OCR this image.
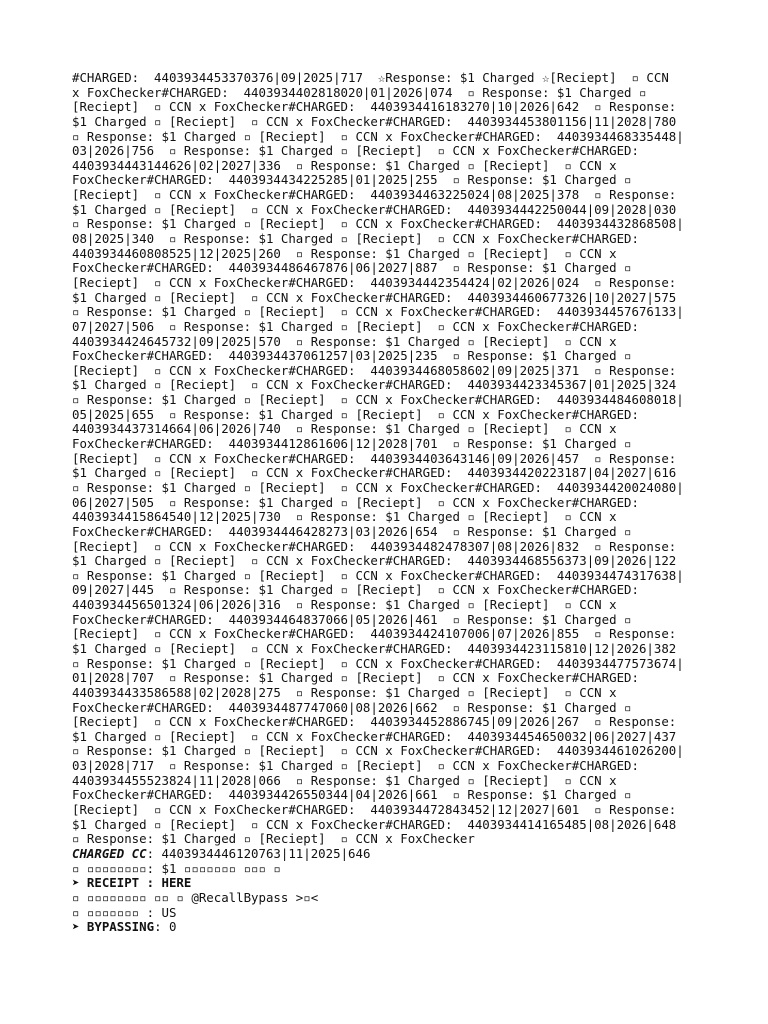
#CHARGED:  4403934453370376|09|2025|717  ☆Response: $1 Charged ☆[Reciept]  ▫ CCN
x FoxChecker#CHARGED:  4403934402818020|01|2026|074  ▫ Response: $1 Charged ▫
[Reciept]  ▫ CCN x FoxChecker#CHARGED:  4403934416183270|10|2026|642  ▫ Response:
$1 Charged ▫ [Reciept]  ▫ CCN x FoxChecker#CHARGED:  4403934453801156|11|2028|780
▫ Response: $1 Charged ▫ [Reciept]  ▫ CCN x FoxChecker#CHARGED:  4403934468335448|
03|2026|756  ▫ Response: $1 Charged ▫ [Reciept]  ▫ CCN x FoxChecker#CHARGED:
4403934443144626|02|2027|336  ▫ Response: $1 Charged ▫ [Reciept]  ▫ CCN x
FoxChecker#CHARGED:  4403934434225285|01|2025|255  ▫ Response: $1 Charged ▫
[Reciept]  ▫ CCN x FoxChecker#CHARGED:  4403934463225024|08|2025|378  ▫ Response:
$1 Charged ▫ [Reciept]  ▫ CCN x FoxChecker#CHARGED:  4403934442250044|09|2028|030
▫ Response: $1 Charged ▫ [Reciept]  ▫ CCN x FoxChecker#CHARGED:  4403934432868508|
08|2025|340  ▫ Response: $1 Charged ▫ [Reciept]  ▫ CCN x FoxChecker#CHARGED:
4403934460808525|12|2025|260  ▫ Response: $1 Charged ▫ [Reciept]  ▫ CCN x
FoxChecker#CHARGED:  4403934486467876|06|2027|887  ▫ Response: $1 Charged ▫
[Reciept]  ▫ CCN x FoxChecker#CHARGED:  4403934442354424|02|2026|024  ▫ Response:
$1 Charged ▫ [Reciept]  ▫ CCN x FoxChecker#CHARGED:  4403934460677326|10|2027|575
▫ Response: $1 Charged ▫ [Reciept]  ▫ CCN x FoxChecker#CHARGED:  4403934457676133|
07|2027|506  ▫ Response: $1 Charged ▫ [Reciept]  ▫ CCN x FoxChecker#CHARGED:
4403934424645732|09|2025|570  ▫ Response: $1 Charged ▫ [Reciept]  ▫ CCN x
FoxChecker#CHARGED:  4403934437061257|03|2025|235  ▫ Response: $1 Charged ▫
[Reciept]  ▫ CCN x FoxChecker#CHARGED:  4403934468058602|09|2025|371  ▫ Response:
$1 Charged ▫ [Reciept]  ▫ CCN x FoxChecker#CHARGED:  4403934423345367|01|2025|324
▫ Response: $1 Charged ▫ [Reciept]  ▫ CCN x FoxChecker#CHARGED:  4403934484608018|
05|2025|655  ▫ Response: $1 Charged ▫ [Reciept]  ▫ CCN x FoxChecker#CHARGED:
4403934437314664|06|2026|740  ▫ Response: $1 Charged ▫ [Reciept]  ▫ CCN x
FoxChecker#CHARGED:  4403934412861606|12|2028|701  ▫ Response: $1 Charged ▫
[Reciept]  ▫ CCN x FoxChecker#CHARGED:  4403934403643146|09|2026|457  ▫ Response:
$1 Charged ▫ [Reciept]  ▫ CCN x FoxChecker#CHARGED:  4403934420223187|04|2027|616
▫ Response: $1 Charged ▫ [Reciept]  ▫ CCN x FoxChecker#CHARGED:  4403934420024080|
06|2027|505  ▫ Response: $1 Charged ▫ [Reciept]  ▫ CCN x FoxChecker#CHARGED:
4403934415864540|12|2025|730  ▫ Response: $1 Charged ▫ [Reciept]  ▫ CCN x
FoxChecker#CHARGED:  4403934446428273|03|2026|654  ▫ Response: $1 Charged ▫
[Reciept]  ▫ CCN x FoxChecker#CHARGED:  4403934482478307|08|2026|832  ▫ Response:
$1 Charged ▫ [Reciept]  ▫ CCN x FoxChecker#CHARGED:  4403934468556373|09|2026|122
▫ Response: $1 Charged ▫ [Reciept]  ▫ CCN x FoxChecker#CHARGED:  4403934474317638|
09|2027|445  ▫ Response: $1 Charged ▫ [Reciept]  ▫ CCN x FoxChecker#CHARGED:
4403934456501324|06|2026|316  ▫ Response: $1 Charged ▫ [Reciept]  ▫ CCN x
FoxChecker#CHARGED:  4403934464837066|05|2026|461  ▫ Response: $1 Charged ▫
[Reciept]  ▫ CCN x FoxChecker#CHARGED:  4403934424107006|07|2026|855  ▫ Response:
$1 Charged ▫ [Reciept]  ▫ CCN x FoxChecker#CHARGED:  4403934423115810|12|2026|382
▫ Response: $1 Charged ▫ [Reciept]  ▫ CCN x FoxChecker#CHARGED:  4403934477573674|
01|2028|707  ▫ Response: $1 Charged ▫ [Reciept]  ▫ CCN x FoxChecker#CHARGED:
4403934433586588|02|2028|275  ▫ Response: $1 Charged ▫ [Reciept]  ▫ CCN x
FoxChecker#CHARGED:  4403934487747060|08|2026|662  ▫ Response: $1 Charged ▫
[Reciept]  ▫ CCN x FoxChecker#CHARGED:  4403934452886745|09|2026|267  ▫ Response:
$1 Charged ▫ [Reciept]  ▫ CCN x FoxChecker#CHARGED:  4403934454650032|06|2027|437
▫ Response: $1 Charged ▫ [Reciept]  ▫ CCN x FoxChecker#CHARGED:  4403934461026200|
03|2028|717  ▫ Response: $1 Charged ▫ [Reciept]  ▫ CCN x FoxChecker#CHARGED:
4403934455523824|11|2028|066  ▫ Response: $1 Charged ▫ [Reciept]  ▫ CCN x
FoxChecker#CHARGED:  4403934426550344|04|2026|661  ▫ Response: $1 Charged ▫
[Reciept]  ▫ CCN x FoxChecker#CHARGED:  4403934472843452|12|2027|601  ▫ Response:
$1 Charged ▫ [Reciept]  ▫ CCN x FoxChecker#CHARGED:  4403934414165485|08|2026|648
▫ Response: $1 Charged ▫ [Reciept]  ▫ CCN x FoxChecker
CHARGED CC: 4403934446120763|11|2025|646
▫ ▫▫▫▫▫▫▫▫: $1 ▫▫▫▫▫▫▫ ▫▫▫ ▫
➤ RECEIPT : HERE
▫ ▫▫▫▫▫▫▫▫ ▫▫ ▫ @RecallBypass >▫<
▫ ▫▫▫▫▫▫▫ : US
➤ BYPASSING: 0
